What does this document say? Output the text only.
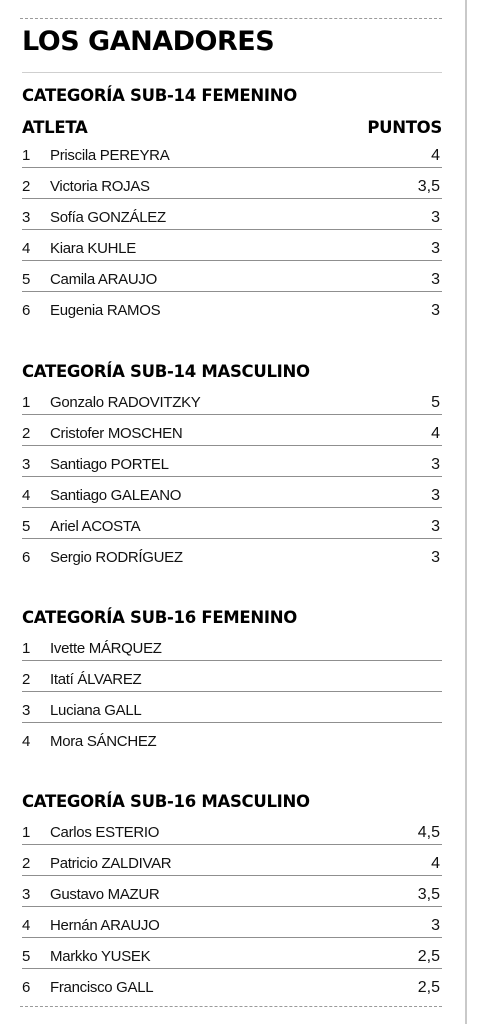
LOS GANADORES
CATEGORÍA SUB-14 FEMENINO
ATLETA	PUNTOS
1 Priscila PEREYRA	4
2 Victoria ROJAS	3,5
3 Sofía GONZÁLEZ	3
4 Kiara KUHLE	3
5 Camila ARAUJO	3
6 Eugenia RAMOS	3
CATEGORÍA SUB-14 MASCULINO
1 Gonzalo RADOVITZKY	5
2 Cristofer MOSCHEN	4
3 Santiago PORTEL	3
4 Santiago GALEANO	3
5 Ariel ACOSTA	3
6 Sergio RODRÍGUEZ	3
CATEGORÍA SUB-16 FEMENINO
1 Ivette MÁRQUEZ
2 Itatí ÁLVAREZ
3 Luciana GALL
4 Mora SÁNCHEZ
CATEGORÍA SUB-16 MASCULINO
1 Carlos ESTERIO	4,5
2 Patricio ZALDIVAR	4
3 Gustavo MAZUR	3,5
4 Hernán ARAUJO	3
5 Markko YUSEK	2,5
6 Francisco GALL	2,5
